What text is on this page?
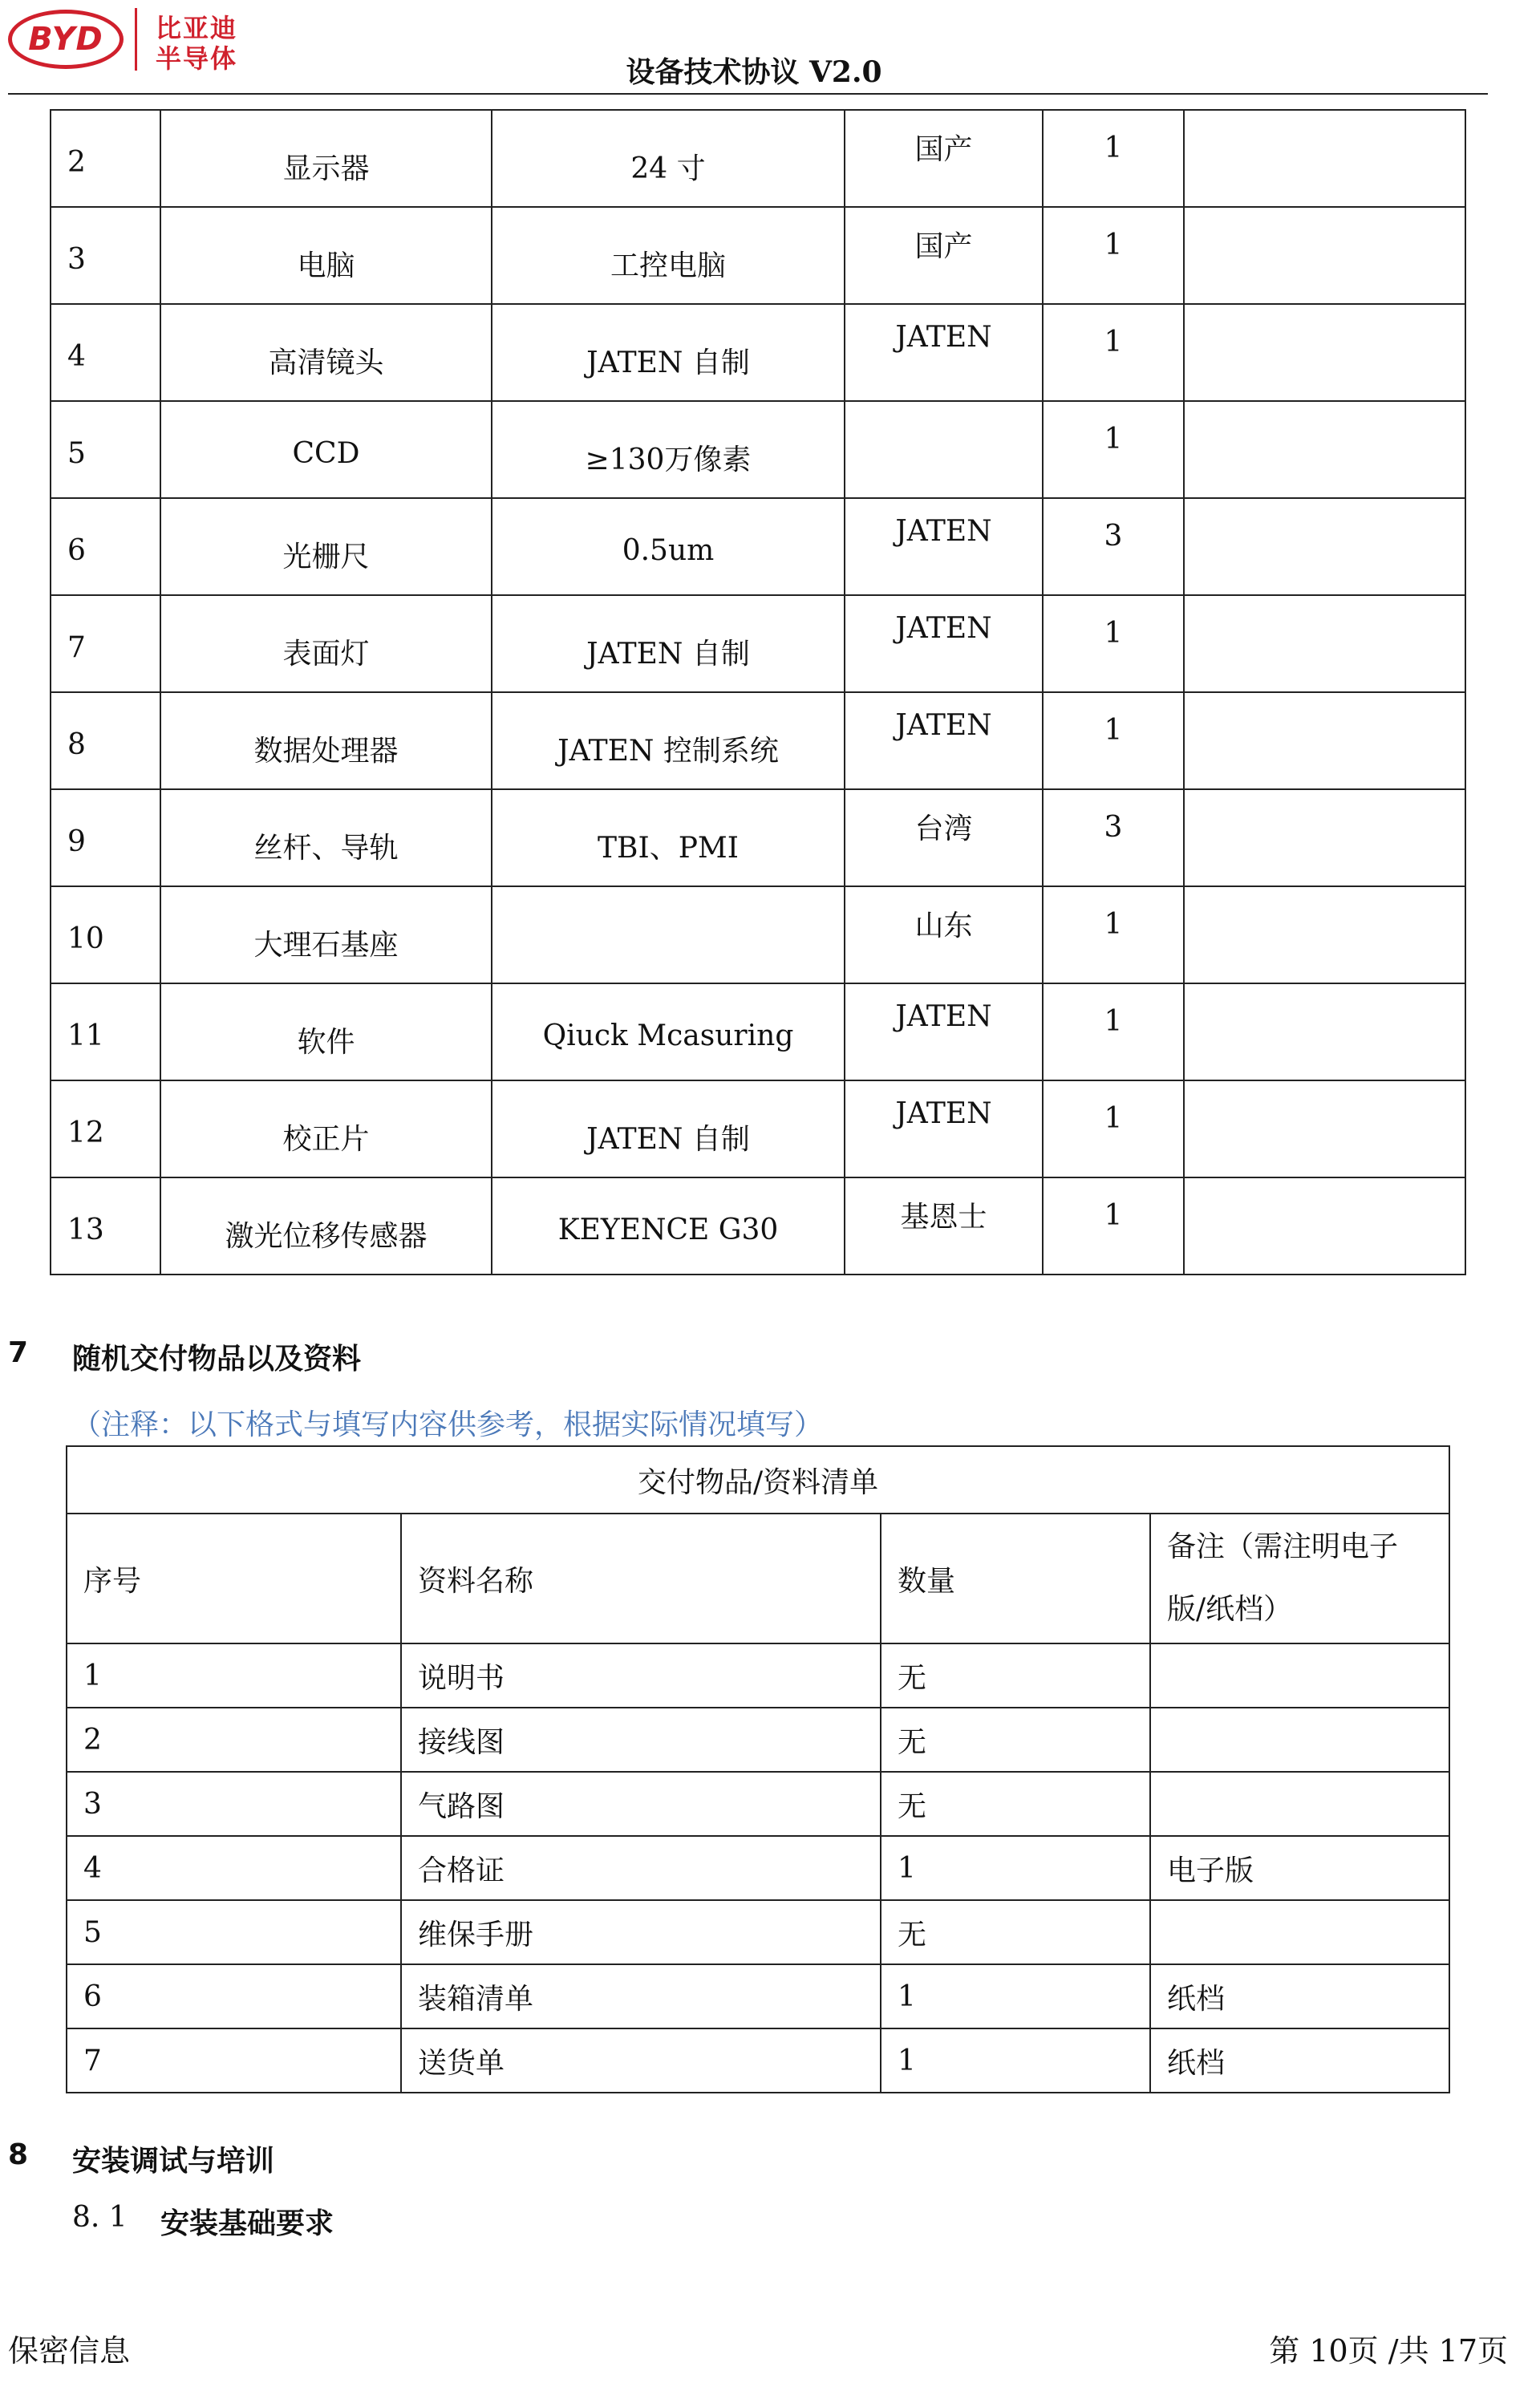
BYD	比亚迪
半导体	设备技术协议 V2.0
2	显示器	24 寸	国产	1	

3	电脑	工控电脑	国产	1	

4	高清镜头	JATEN 自制	JATEN	1	

5	CCD	≥130万像素		1	

6	光栅尺	0.5um	JATEN	3	

7	表面灯	JATEN 自制	JATEN	1	

8	数据处理器	JATEN 控制系统	JATEN	1	

9	丝杆、导轨	TBI、PMI	台湾	3	

10	大理石基座		山东	1	

11	软件	Qiuck Mcasuring	JATEN	1	

12	校正片	JATEN 自制	JATEN	1	

13	激光位移传感器	KEYENCE G30	基恩士	1	

7 随机交付物品以及资料
（注释：以下格式与填写内容供参考，根据实际情况填写）
交付物品/资料清单			
序号	资料名称	数量	备注（需注明电子
版/纸档）

1	说明书	无	
2	接线图	无	
3	气路图	无	
4	合格证	1	电子版
5	维保手册	无	
6	装箱清单	1	纸档
7	送货单	1	纸档
8 安装调试与培训
8. 1 安装基础要求
保密信息	第 10页 /共 17页
